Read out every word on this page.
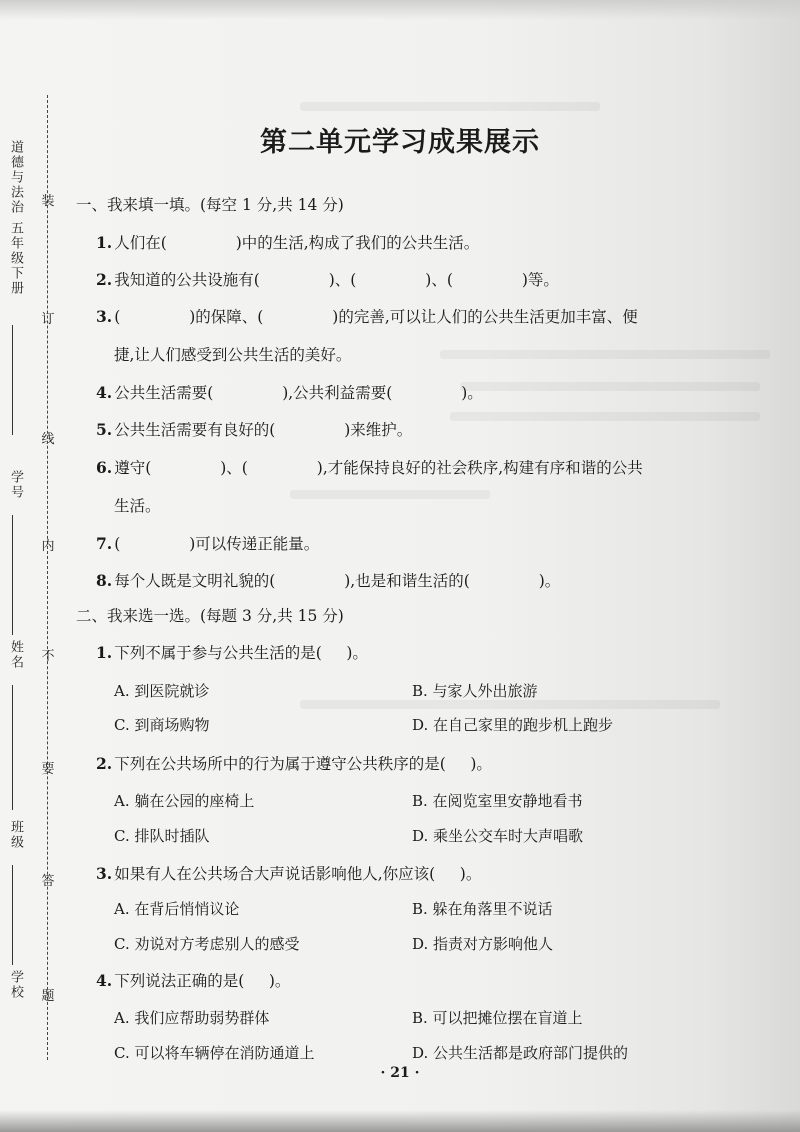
道德与法治 五年级下册
学号
姓名
班级
学校
装
订
线
内
不
要
答
题
第二单元学习成果展示
一、我来填一填。(每空 1 分,共 14 分)
1. 人们在(              )中的生活,构成了我们的公共生活。
2. 我知道的公共设施有(              )、(              )、(              )等。
3. (              )的保障、(              )的完善,可以让人们的公共生活更加丰富、便
捷,让人们感受到公共生活的美好。
4. 公共生活需要(              ),公共利益需要(              )。
5. 公共生活需要有良好的(              )来维护。
6. 遵守(              )、(              ),才能保持良好的社会秩序,构建有序和谐的公共
生活。
7. (              )可以传递正能量。
8. 每个人既是文明礼貌的(              ),也是和谐生活的(              )。
二、我来选一选。(每题 3 分,共 15 分)
1. 下列不属于参与公共生活的是(     )。
A. 到医院就诊	B. 与家人外出旅游
C. 到商场购物	D. 在自己家里的跑步机上跑步
2. 下列在公共场所中的行为属于遵守公共秩序的是(     )。
A. 躺在公园的座椅上	B. 在阅览室里安静地看书
C. 排队时插队	D. 乘坐公交车时大声唱歌
3. 如果有人在公共场合大声说话影响他人,你应该(     )。
A. 在背后悄悄议论	B. 躲在角落里不说话
C. 劝说对方考虑别人的感受	D. 指责对方影响他人
4. 下列说法正确的是(     )。
A. 我们应帮助弱势群体	B. 可以把摊位摆在盲道上
C. 可以将车辆停在消防通道上	D. 公共生活都是政府部门提供的
· 21 ·
